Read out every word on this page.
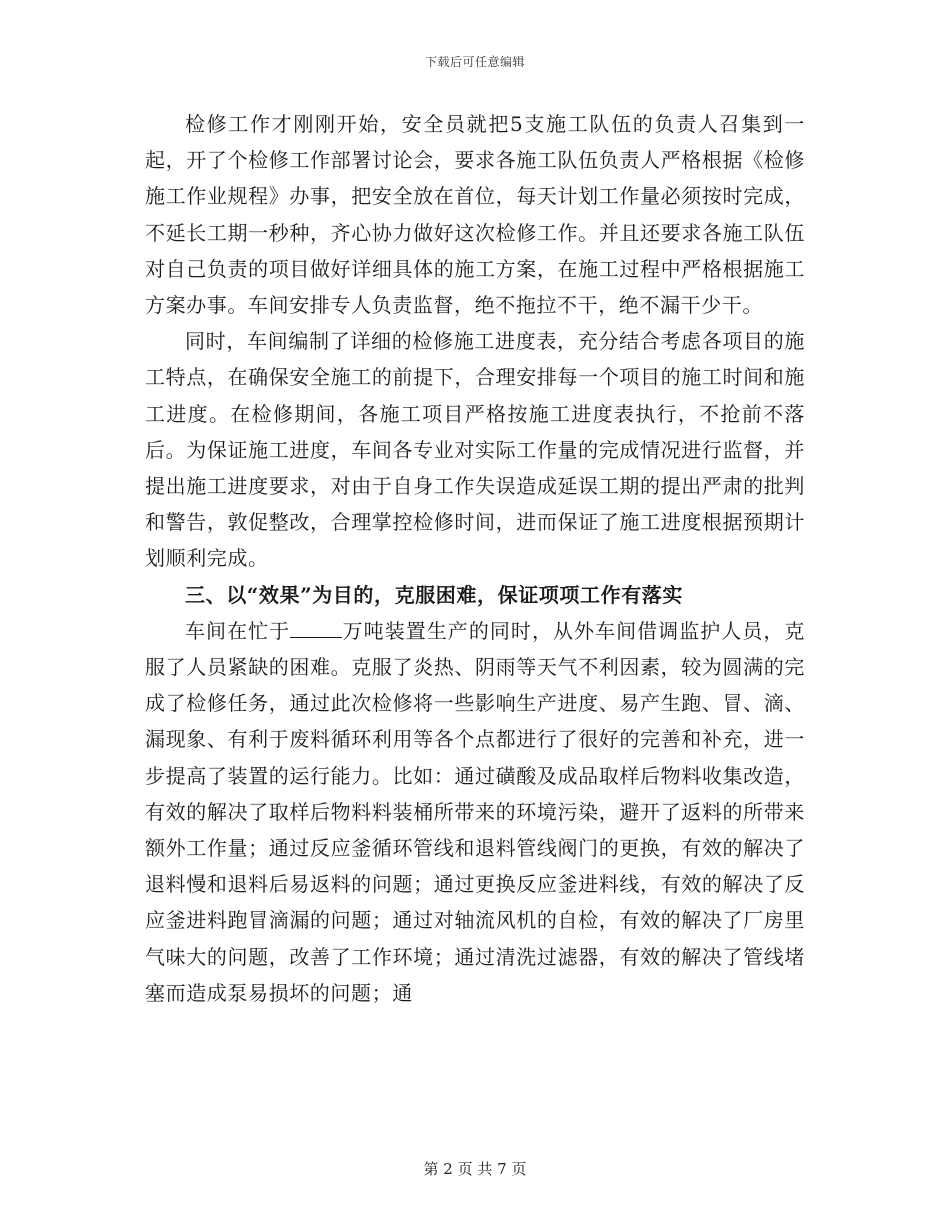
下载后可任意编辑

检修工作才刚刚开始，安全员就把5支施工队伍的负责人召集到一起，开了个检修工作部署讨论会，要求各施工队伍负责人严格根据《检修施工作业规程》办事，把安全放在首位，每天计划工作量必须按时完成，不延长工期一秒种，齐心协力做好这次检修工作。并且还要求各施工队伍对自己负责的项目做好详细具体的施工方案，在施工过程中严格根据施工方案办事。车间安排专人负责监督，绝不拖拉不干，绝不漏干少干。

同时，车间编制了详细的检修施工进度表，充分结合考虑各项目的施工特点，在确保安全施工的前提下，合理安排每一个项目的施工时间和施工进度。在检修期间，各施工项目严格按施工进度表执行，不抢前不落后。为保证施工进度，车间各专业对实际工作量的完成情况进行监督，并提出施工进度要求，对由于自身工作失误造成延误工期的提出严肃的批判和警告，敦促整改，合理掌控检修时间，进而保证了施工进度根据预期计划顺利完成。

三、以“效果”为目的，克服困难，保证项项工作有落实

车间在忙于	万吨装置生产的同时，从外车间借调监护人员，克服了人员紧缺的困难。克服了炎热、阴雨等天气不利因素，较为圆满的完成了检修任务，通过此次检修将一些影响生产进度、易产生跑、冒、滴、漏现象、有利于废料循环利用等各个点都进行了很好的完善和补充，进一步提高了装置的运行能力。比如：通过磺酸及成品取样后物料收集改造，有效的解决了取样后物料料装桶所带来的环境污染，避开了返料的所带来额外工作量；通过反应釜循环管线和退料管线阀门的更换，有效的解决了退料慢和退料后易返料的问题；通过更换反应釜进料线，有效的解决了反应釜进料跑冒滴漏的问题；通过对轴流风机的自检，有效的解决了厂房里气味大的问题，改善了工作环境；通过清洗过滤器，有效的解决了管线堵塞而造成泵易损坏的问题；通

第 2 页 共 7 页
